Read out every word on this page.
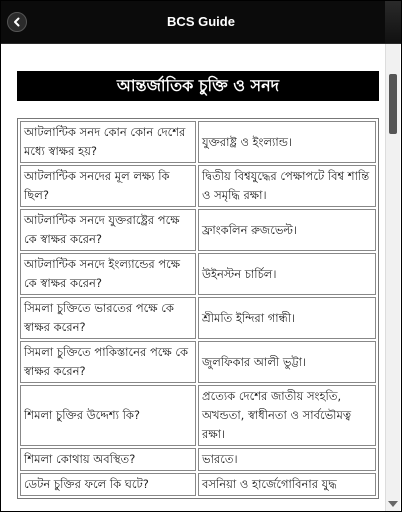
BCS Guide
আন্তর্জাতিক চুক্তি ও সনদ
আটলান্টিক সনদ কোন কোন দেশের মধ্যে স্বাক্ষর হয়?	যুক্তরাষ্ট্র ও ইংল্যান্ড।
আটলান্টিক সনদের মূল লক্ষ্য কি ছিল?	দ্বিতীয় বিশ্বযুদ্ধের পেক্ষাপটে বিশ্ব শান্তি ও সমৃদ্ধি রক্ষা।
আটলান্টিক সনদে যুক্তরাষ্ট্রের পক্ষে কে স্বাক্ষর করেন?	ফ্রাংকলিন রুজভেল্ট।
আটলান্টিক সনদে ইংল্যান্ডের পক্ষে কে স্বাক্ষর করেন?	উইনস্টন চার্চিল।
সিমলা চুক্তিতে ভারতের পক্ষে কে স্বাক্ষর করেন?	শ্রীমতি ইন্দিরা গান্ধী।
সিমলা চুক্তিতে পাকিস্তানের পক্ষে কে স্বাক্ষর করেন?	জুলফিকার আলী ভুট্টা।
শিমলা চুক্তির উদ্দেশ্য কি?	প্রত্যেক দেশের জাতীয় সংহতি, অখন্ডতা, স্বাধীনতা ও সার্বভৌমত্ব রক্ষা।
শিমলা কোথায় অবস্থিত?	ভারতে।
ডেটন চুক্তির ফলে কি ঘটে?	বসনিয়া ও হার্জেগোবিনার যুদ্ধ
